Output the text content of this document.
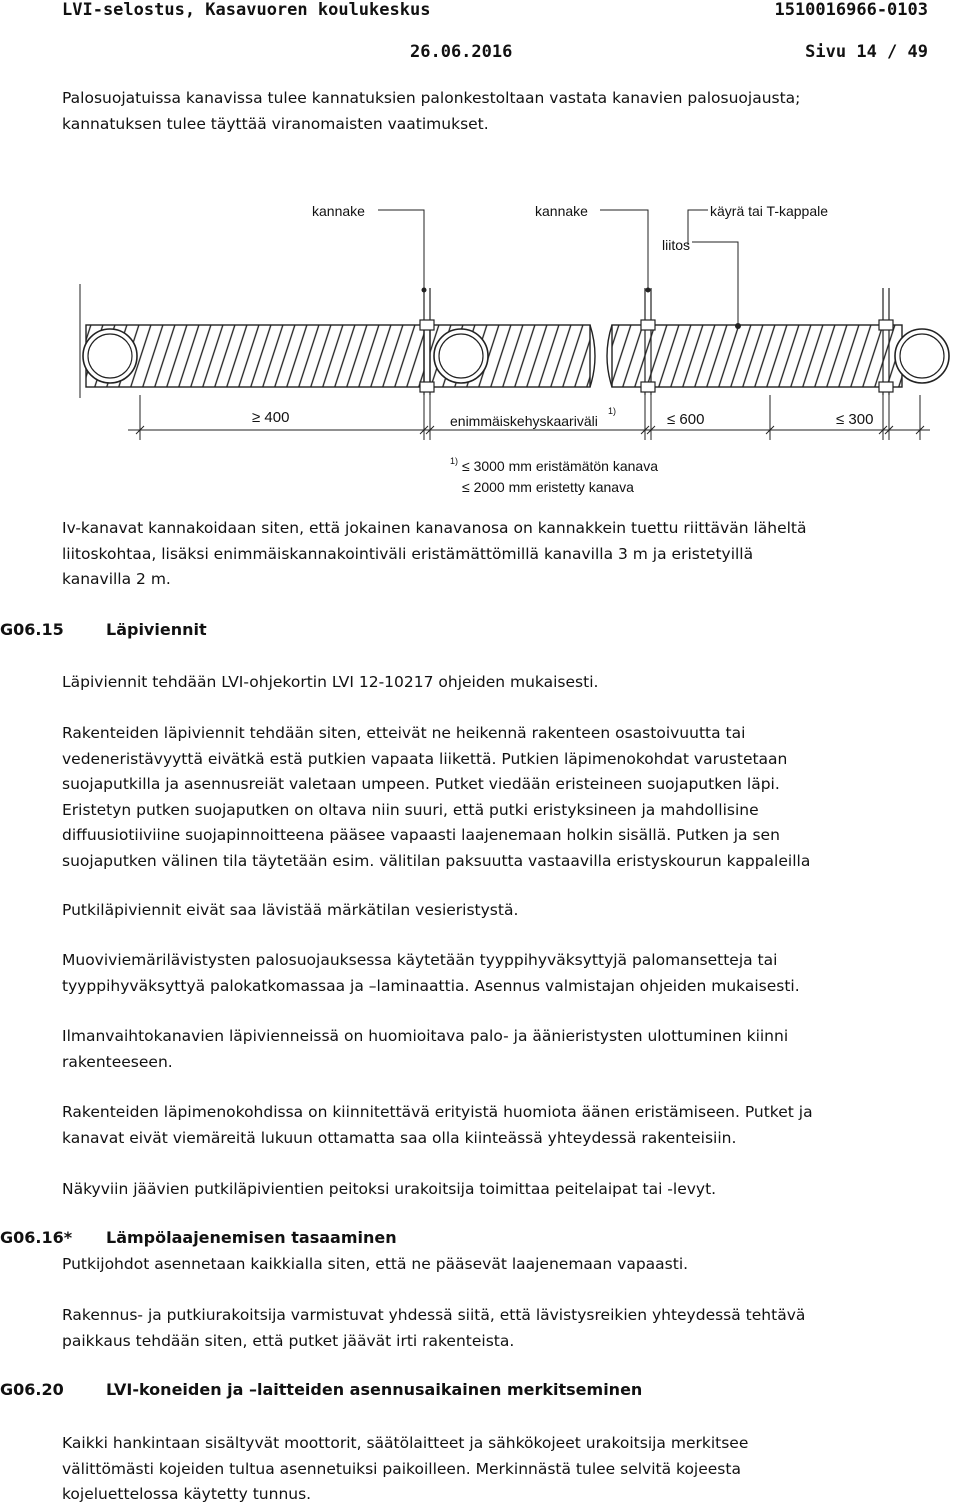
LVI-selostus, Kasavuoren koulukeskus	1510016966-0103
26.06.2016	Sivu 14 / 49
Palosuojatuissa kanavissa tulee kannatuksien palonkestoltaan vastata kanavien palosuojausta;
kannatuksen tulee täyttää viranomaisten vaatimukset.
kannake	kannake	käyrä tai T-kappale
liitos
≥ 400	enimmäiskehyskaariväli
1)	≤ 600	≤ 300
1) ≤ 3000 mm eristämätön kanava
≤ 2000 mm eristetty kanava
Iv-kanavat kannakoidaan siten, että jokainen kanavanosa on kannakkein tuettu riittävän läheltä
liitoskohtaa, lisäksi enimmäiskannakointiväli eristämättömillä kanavilla 3 m ja eristetyillä
kanavilla 2 m.
G06.15	Läpiviennit
Läpiviennit tehdään LVI-ohjekortin LVI 12-10217 ohjeiden mukaisesti.
Rakenteiden läpiviennit tehdään siten, etteivät ne heikennä rakenteen osastoivuutta tai
vedeneristävyyttä eivätkä estä putkien vapaata liikettä. Putkien läpimenokohdat varustetaan
suojaputkilla ja asennusreiät valetaan umpeen. Putket viedään eristeineen suojaputken läpi.
Eristetyn putken suojaputken on oltava niin suuri, että putki eristyksineen ja mahdollisine
diffuusiotiiviine suojapinnoitteena pääsee vapaasti laajenemaan holkin sisällä. Putken ja sen
suojaputken välinen tila täytetään esim. välitilan paksuutta vastaavilla eristyskourun kappaleilla
Putkiläpiviennit eivät saa lävistää märkätilan vesieristystä.
Muoviviemärilävistysten palosuojauksessa käytetään tyyppihyväksyttyjä palomansetteja tai
tyyppihyväksyttyä palokatkomassaa ja –laminaattia. Asennus valmistajan ohjeiden mukaisesti.
Ilmanvaihtokanavien läpivienneissä on huomioitava palo- ja äänieristysten ulottuminen kiinni
rakenteeseen.
Rakenteiden läpimenokohdissa on kiinnitettävä erityistä huomiota äänen eristämiseen. Putket ja
kanavat eivät viemäreitä lukuun ottamatta saa olla kiinteässä yhteydessä rakenteisiin.
Näkyviin jäävien putkiläpivientien peitoksi urakoitsija toimittaa peitelaipat tai -levyt.
G06.16* Lämpölaajenemisen tasaaminen
Putkijohdot asennetaan kaikkialla siten, että ne pääsevät laajenemaan vapaasti.
Rakennus- ja putkiurakoitsija varmistuvat yhdessä siitä, että lävistysreikien yhteydessä tehtävä
paikkaus tehdään siten, että putket jäävät irti rakenteista.
G06.20	LVI-koneiden ja –laitteiden asennusaikainen merkitseminen
Kaikki hankintaan sisältyvät moottorit, säätölaitteet ja sähkökojeet urakoitsija merkitsee
välittömästi kojeiden tultua asennetuiksi paikoilleen. Merkinnästä tulee selvitä kojeesta
kojeluettelossa käytetty tunnus.
